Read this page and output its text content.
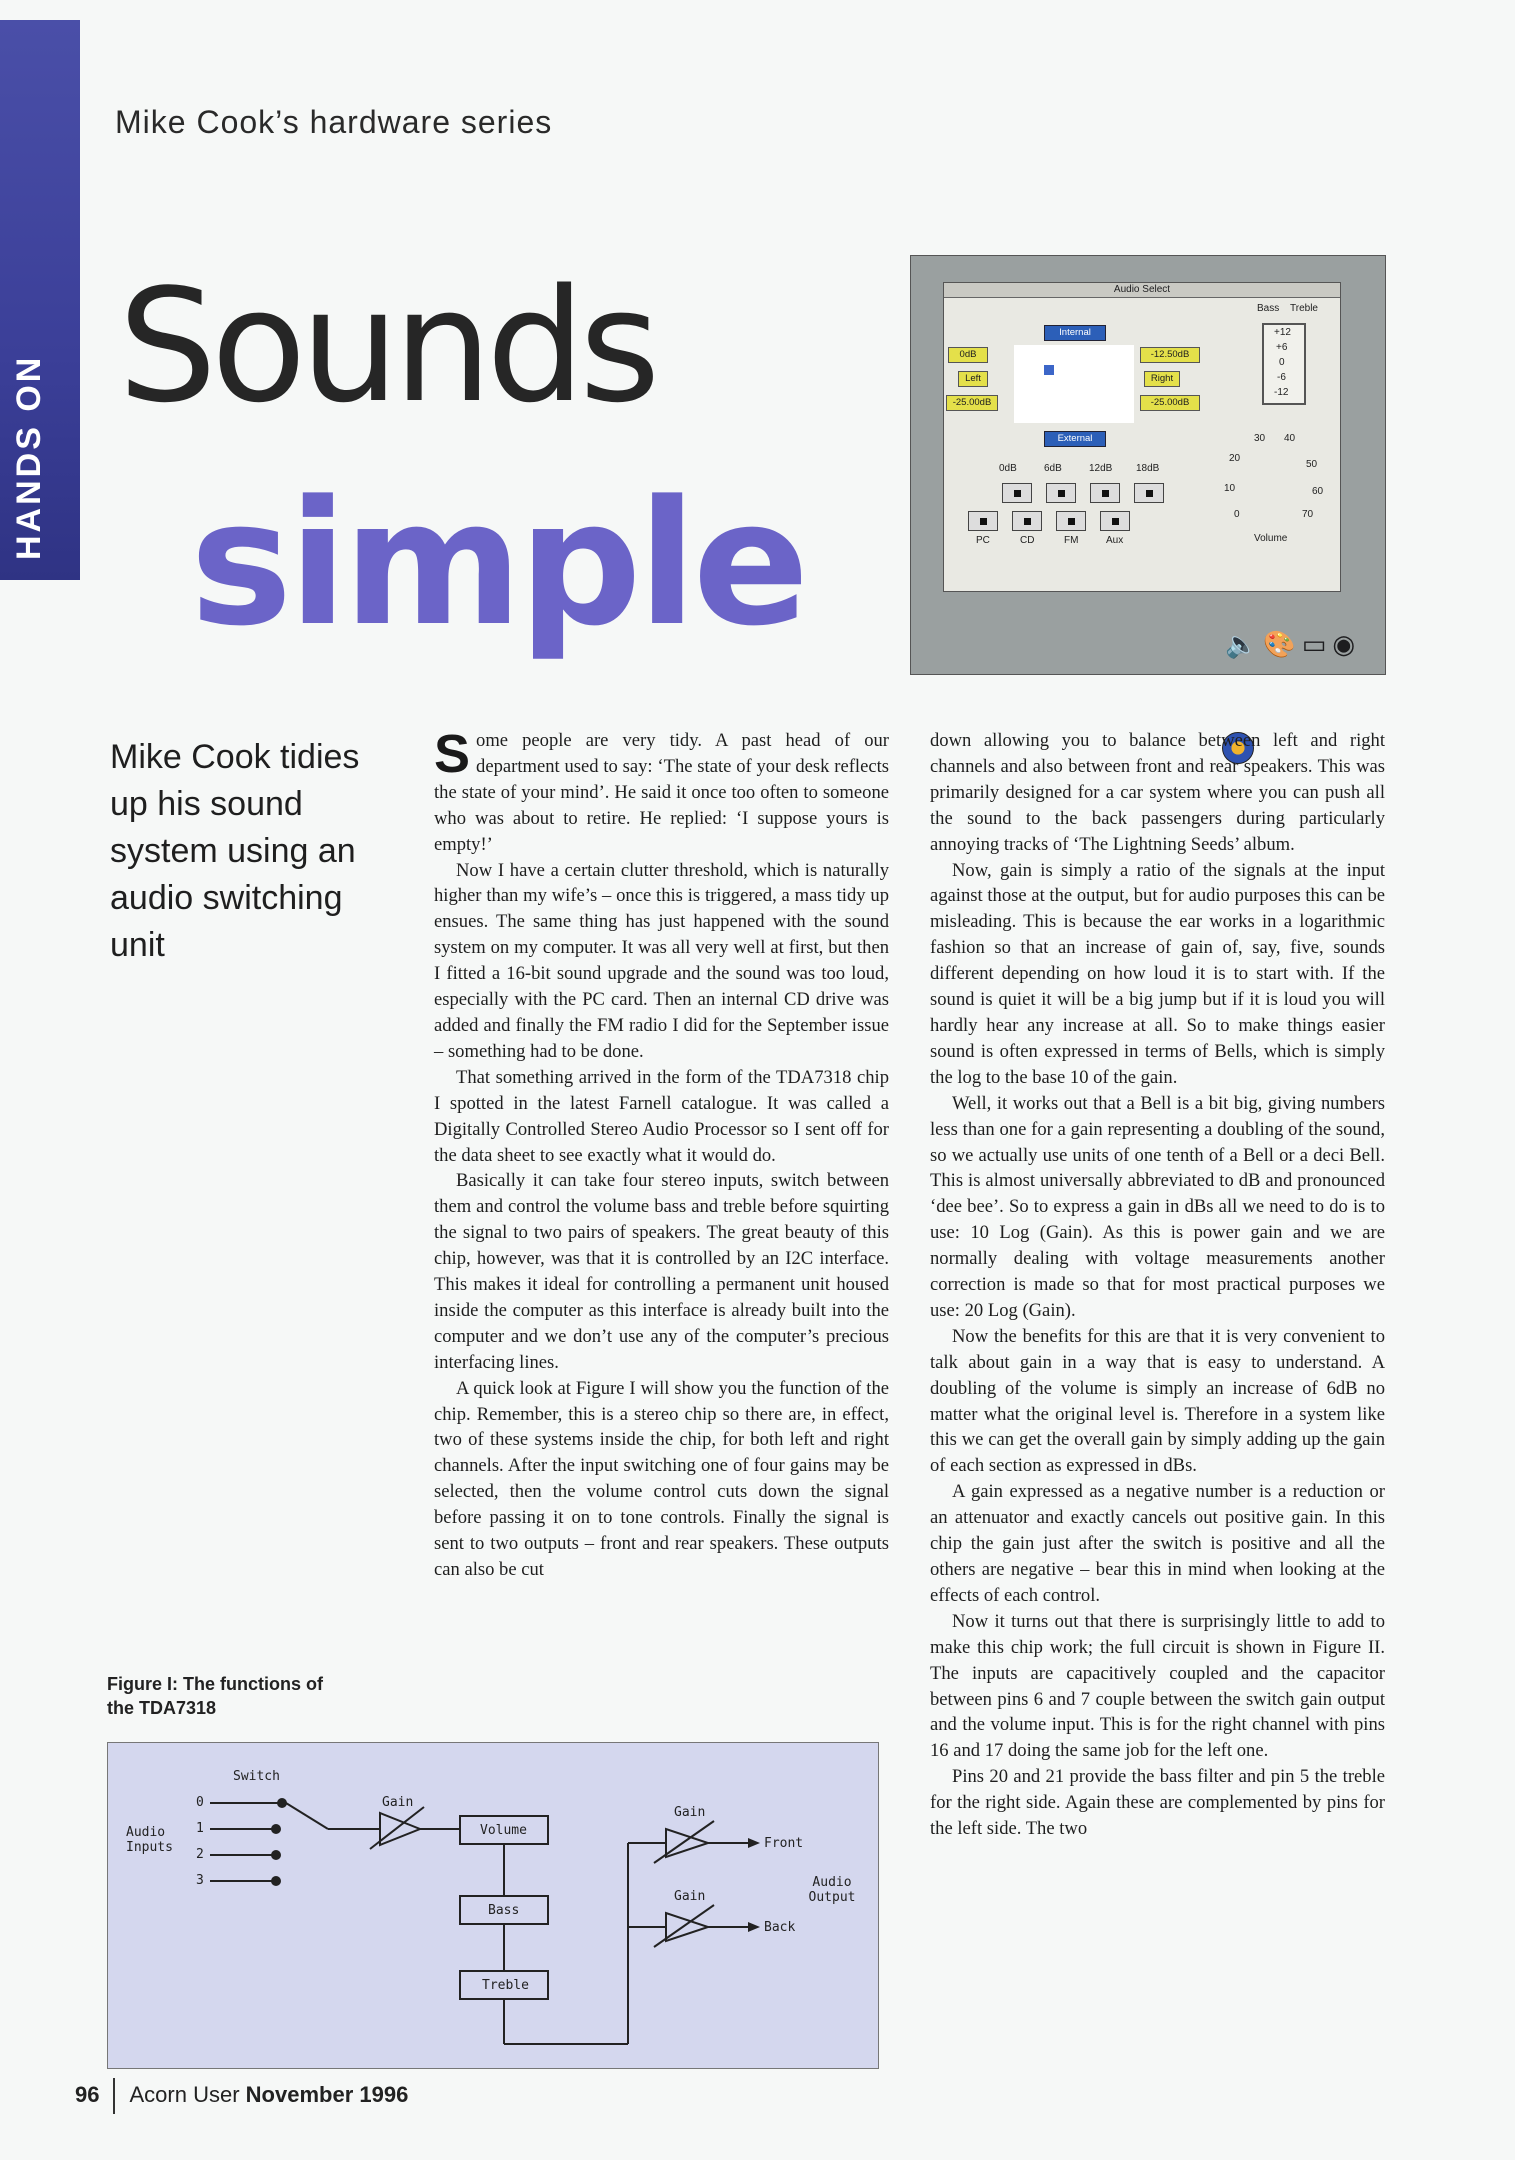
HANDS ON
Mike Cook’s hardware series
Sounds
simple
Audio Select
Bass Treble
+12
+6
0
-6
-12
0dB
Left
-25.00dB
-12.50dB
Right
-25.00dB
Internal
External
0dB	6dB	12dB 18dB
PC	CD	FM	Aux
30 40
20
50
10	60
0	70
Volume
🔈🎨▭◉
Mike Cook tidies up his sound system using an audio switching unit

Some people are very tidy. A past head of our department used to say: ‘The state of your desk reflects the state of your mind’. He said it once too often to someone who was about to retire. He replied: ‘I suppose yours is empty!’

Now I have a certain clutter threshold, which is naturally higher than my wife’s – once this is triggered, a mass tidy up ensues. The same thing has just happened with the sound system on my computer. It was all very well at first, but then I fitted a 16-bit sound upgrade and the sound was too loud, especially with the PC card. Then an internal CD drive was added and finally the FM radio I did for the September issue – something had to be done.

That something arrived in the form of the TDA7318 chip I spotted in the latest Farnell catalogue. It was called a Digitally Controlled Stereo Audio Processor so I sent off for the data sheet to see exactly what it would do.

Basically it can take four stereo inputs, switch between them and control the volume bass and treble before squirting the signal to two pairs of speakers. The great beauty of this chip, however, was that it is controlled by an I2C interface. This makes it ideal for controlling a permanent unit housed inside the computer as this interface is already built into the computer and we don’t use any of the computer’s precious interfacing lines.

A quick look at Figure I will show you the function of the chip. Remember, this is a stereo chip so there are, in effect, two of these systems inside the chip, for both left and right channels. After the input switching one of four gains may be selected, then the volume control cuts down the signal before passing it on to tone controls. Finally the signal is sent to two outputs – front and rear speakers. These outputs can also be cut

down allowing you to balance between left and right channels and also between front and rear speakers. This was primarily designed for a car system where you can push all the sound to the back passengers during particularly annoying tracks of ‘The Lightning Seeds’ album.

Now, gain is simply a ratio of the signals at the input against those at the output, but for audio purposes this can be misleading. This is because the ear works in a logarithmic fashion so that an increase of gain of, say, five, sounds different depending on how loud it is to start with. If the sound is quiet it will be a big jump but if it is loud you will hardly hear any increase at all. So to make things easier sound is often expressed in terms of Bells, which is simply the log to the base 10 of the gain.

Well, it works out that a Bell is a bit big, giving numbers less than one for a gain representing a doubling of the sound, so we actually use units of one tenth of a Bell or a deci Bell. This is almost universally abbreviated to dB and pronounced ‘dee bee’. So to express a gain in dBs all we need to do is to use: 10 Log (Gain). As this is power gain and we are normally dealing with voltage measurements another correction is made so that for most practical purposes we use: 20 Log (Gain).

Now the benefits for this are that it is very convenient to talk about gain in a way that is easy to understand. A doubling of the volume is simply an increase of 6dB no matter what the original level is. Therefore in a system like this we can get the overall gain by simply adding up the gain of each section as expressed in dBs.

A gain expressed as a negative number is a reduction or an attenuator and exactly cancels out positive gain. In this chip the gain just after the switch is positive and all the others are negative – bear this in mind when looking at the effects of each control.

Now it turns out that there is surprisingly little to add to make this chip work; the full circuit is shown in Figure II. The inputs are capacitively coupled and the capacitor between pins 6 and 7 couple between the switch gain output and the volume input. This is for the right channel with pins 16 and 17 doing the same job for the left one.

Pins 20 and 21 provide the bass filter and pin 5 the treble for the right side. Again these are complemented by pins for the left side. The two

Figure I: The functions of the TDA7318
Switch
Audio Inputs
0
1
2
3
Gain
Volume
Bass
Treble
Gain
Gain
Front
Back
Audio Output
96 Acorn User November 1996
